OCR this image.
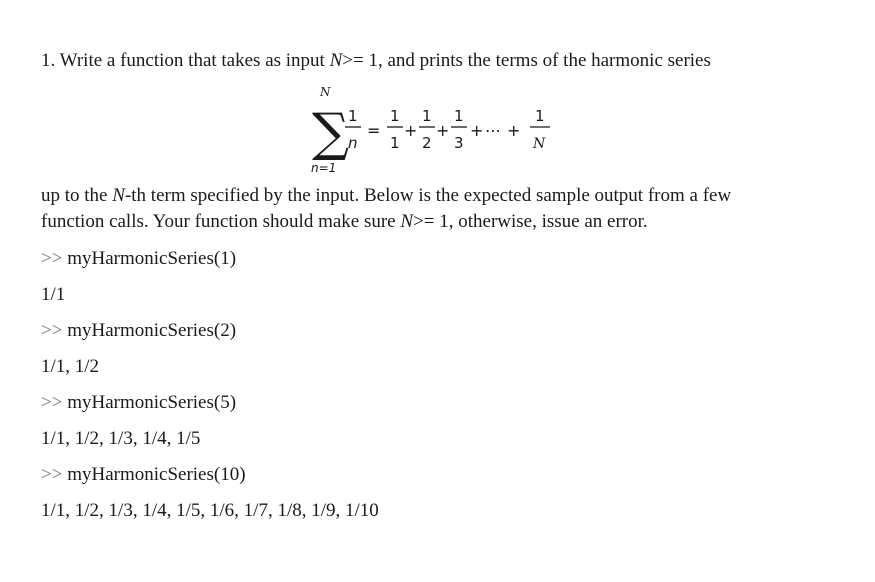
1. Write a function that takes as input N>= 1, and prints the terms of the harmonic series
∑
N
n=1
1
n
=
1
1
+
1
2
+
1
3
+ ⋯ +
1
N
up to the N-th term specified by the input. Below is the expected sample output from a few
function calls. Your function should make sure N>= 1, otherwise, issue an error.
>> myHarmonicSeries(1)
1/1
>> myHarmonicSeries(2)
1/1, 1/2
>> myHarmonicSeries(5)
1/1, 1/2, 1/3, 1/4, 1/5
>> myHarmonicSeries(10)
1/1, 1/2, 1/3, 1/4, 1/5, 1/6, 1/7, 1/8, 1/9, 1/10
